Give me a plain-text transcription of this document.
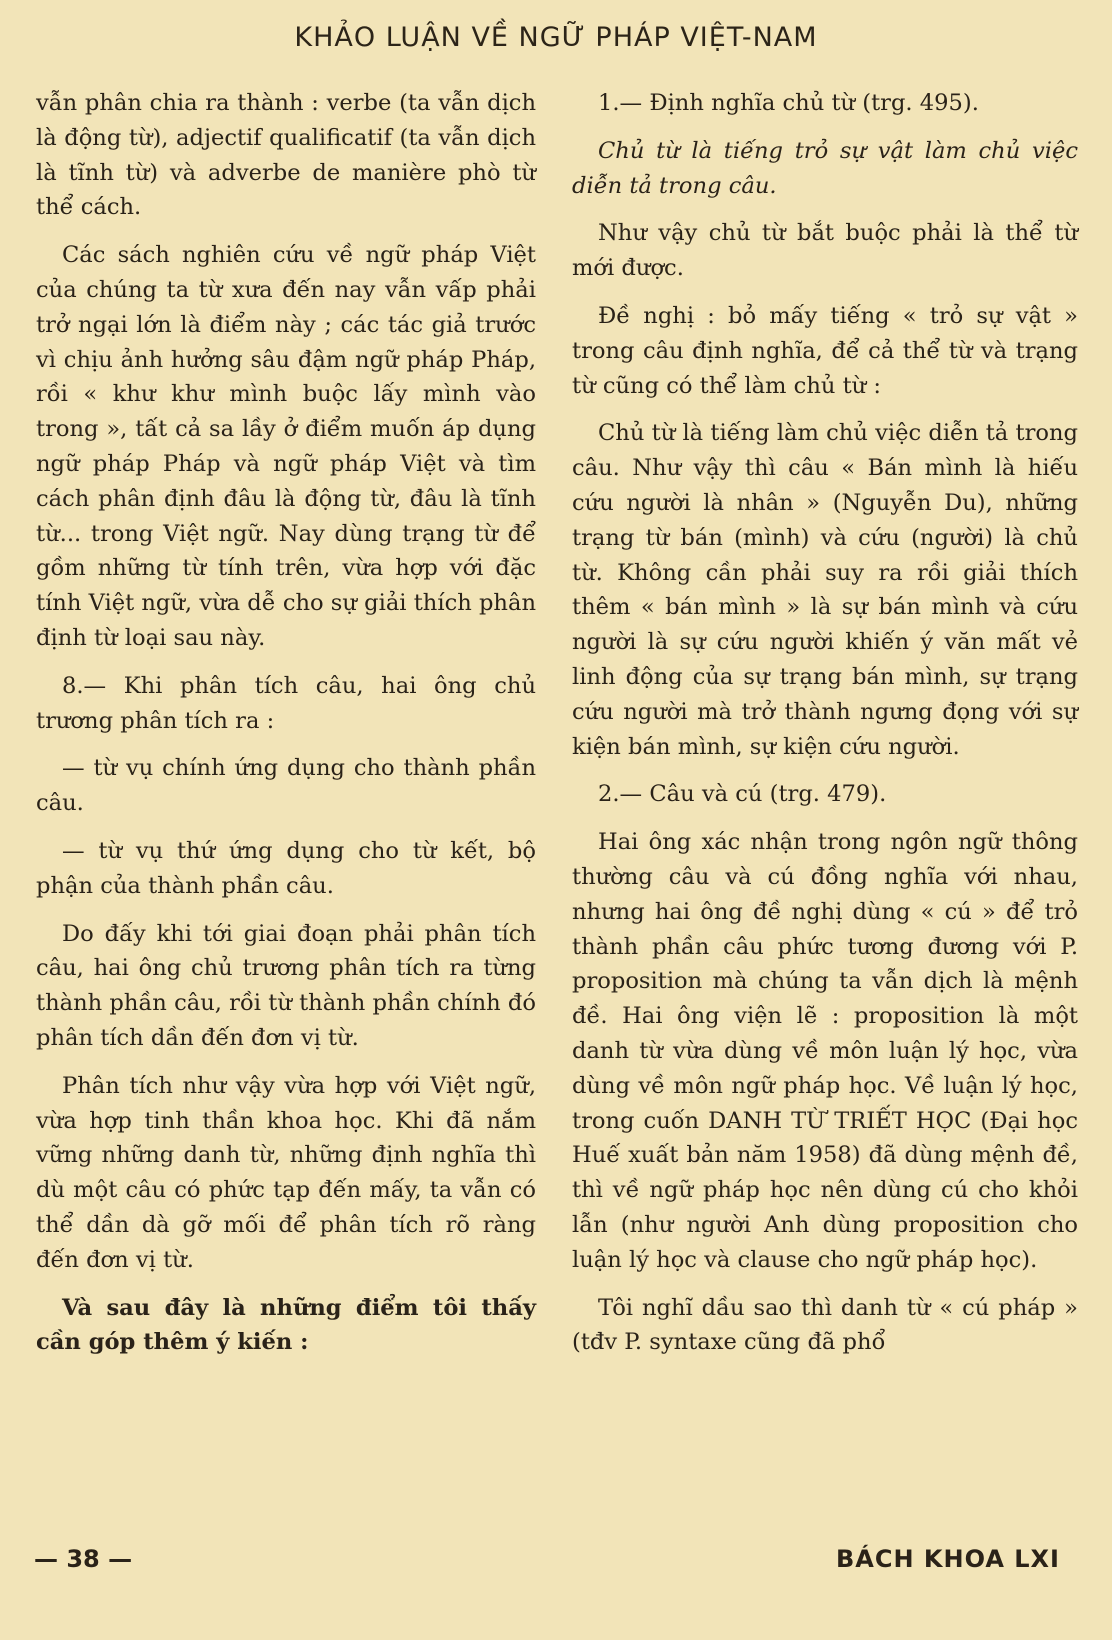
KHẢO LUẬN VỀ NGỮ PHÁP VIỆT-NAM

vẫn phân chia ra thành : verbe (ta vẫn dịch là động từ), adjectif qualificatif (ta vẫn dịch là tĩnh từ) và adverbe de manière phò từ thể cách.

Các sách nghiên cứu về ngữ pháp Việt của chúng ta từ xưa đến nay vẫn vấp phải trở ngại lớn là điểm này ; các tác giả trước vì chịu ảnh hưởng sâu đậm ngữ pháp Pháp, rồi « khư khư mình buộc lấy mình vào trong », tất cả sa lầy ở điểm muốn áp dụng ngữ pháp Pháp và ngữ pháp Việt và tìm cách phân định đâu là động từ, đâu là tĩnh từ... trong Việt ngữ. Nay dùng trạng từ để gồm những từ tính trên, vừa hợp với đặc tính Việt ngữ, vừa dễ cho sự giải thích phân định từ loại sau này.

8.— Khi phân tích câu, hai ông chủ trương phân tích ra :

— từ vụ chính ứng dụng cho thành phần câu.

— từ vụ thứ ứng dụng cho từ kết, bộ phận của thành phần câu.

Do đấy khi tới giai đoạn phải phân tích câu, hai ông chủ trương phân tích ra từng thành phần câu, rồi từ thành phần chính đó phân tích dần đến đơn vị từ.

Phân tích như vậy vừa hợp với Việt ngữ, vừa hợp tinh thần khoa học. Khi đã nắm vững những danh từ, những định nghĩa thì dù một câu có phức tạp đến mấy, ta vẫn có thể dần dà gỡ mối để phân tích rõ ràng đến đơn vị từ.

Và sau đây là những điểm tôi thấy cần góp thêm ý kiến :

1.— Định nghĩa chủ từ (trg. 495).

Chủ từ là tiếng trỏ sự vật làm chủ việc diễn tả trong câu.

Như vậy chủ từ bắt buộc phải là thể từ mới được.

Đề nghị : bỏ mấy tiếng « trỏ sự vật » trong câu định nghĩa, để cả thể từ và trạng từ cũng có thể làm chủ từ :

Chủ từ là tiếng làm chủ việc diễn tả trong câu. Như vậy thì câu « Bán mình là hiếu cứu người là nhân » (Nguyễn Du), những trạng từ bán (mình) và cứu (người) là chủ từ. Không cần phải suy ra rồi giải thích thêm « bán mình » là sự bán mình và cứu người là sự cứu người khiến ý văn mất vẻ linh động của sự trạng bán mình, sự trạng cứu người mà trở thành ngưng đọng với sự kiện bán mình, sự kiện cứu người.

2.— Câu và cú (trg. 479).

Hai ông xác nhận trong ngôn ngữ thông thường câu và cú đồng nghĩa với nhau, nhưng hai ông đề nghị dùng « cú » để trỏ thành phần câu phức tương đương với P. proposition mà chúng ta vẫn dịch là mệnh đề. Hai ông viện lẽ : proposition là một danh từ vừa dùng về môn luận lý học, vừa dùng về môn ngữ pháp học. Về luận lý học, trong cuốn DANH TỪ TRIẾT HỌC (Đại học Huế xuất bản năm 1958) đã dùng mệnh đề, thì về ngữ pháp học nên dùng cú cho khỏi lẫn (như người Anh dùng proposition cho luận lý học và clause cho ngữ pháp học).

Tôi nghĩ dầu sao thì danh từ « cú pháp » (tđv P. syntaxe cũng đã phổ

— 38 —	BÁCH KHOA LXI
